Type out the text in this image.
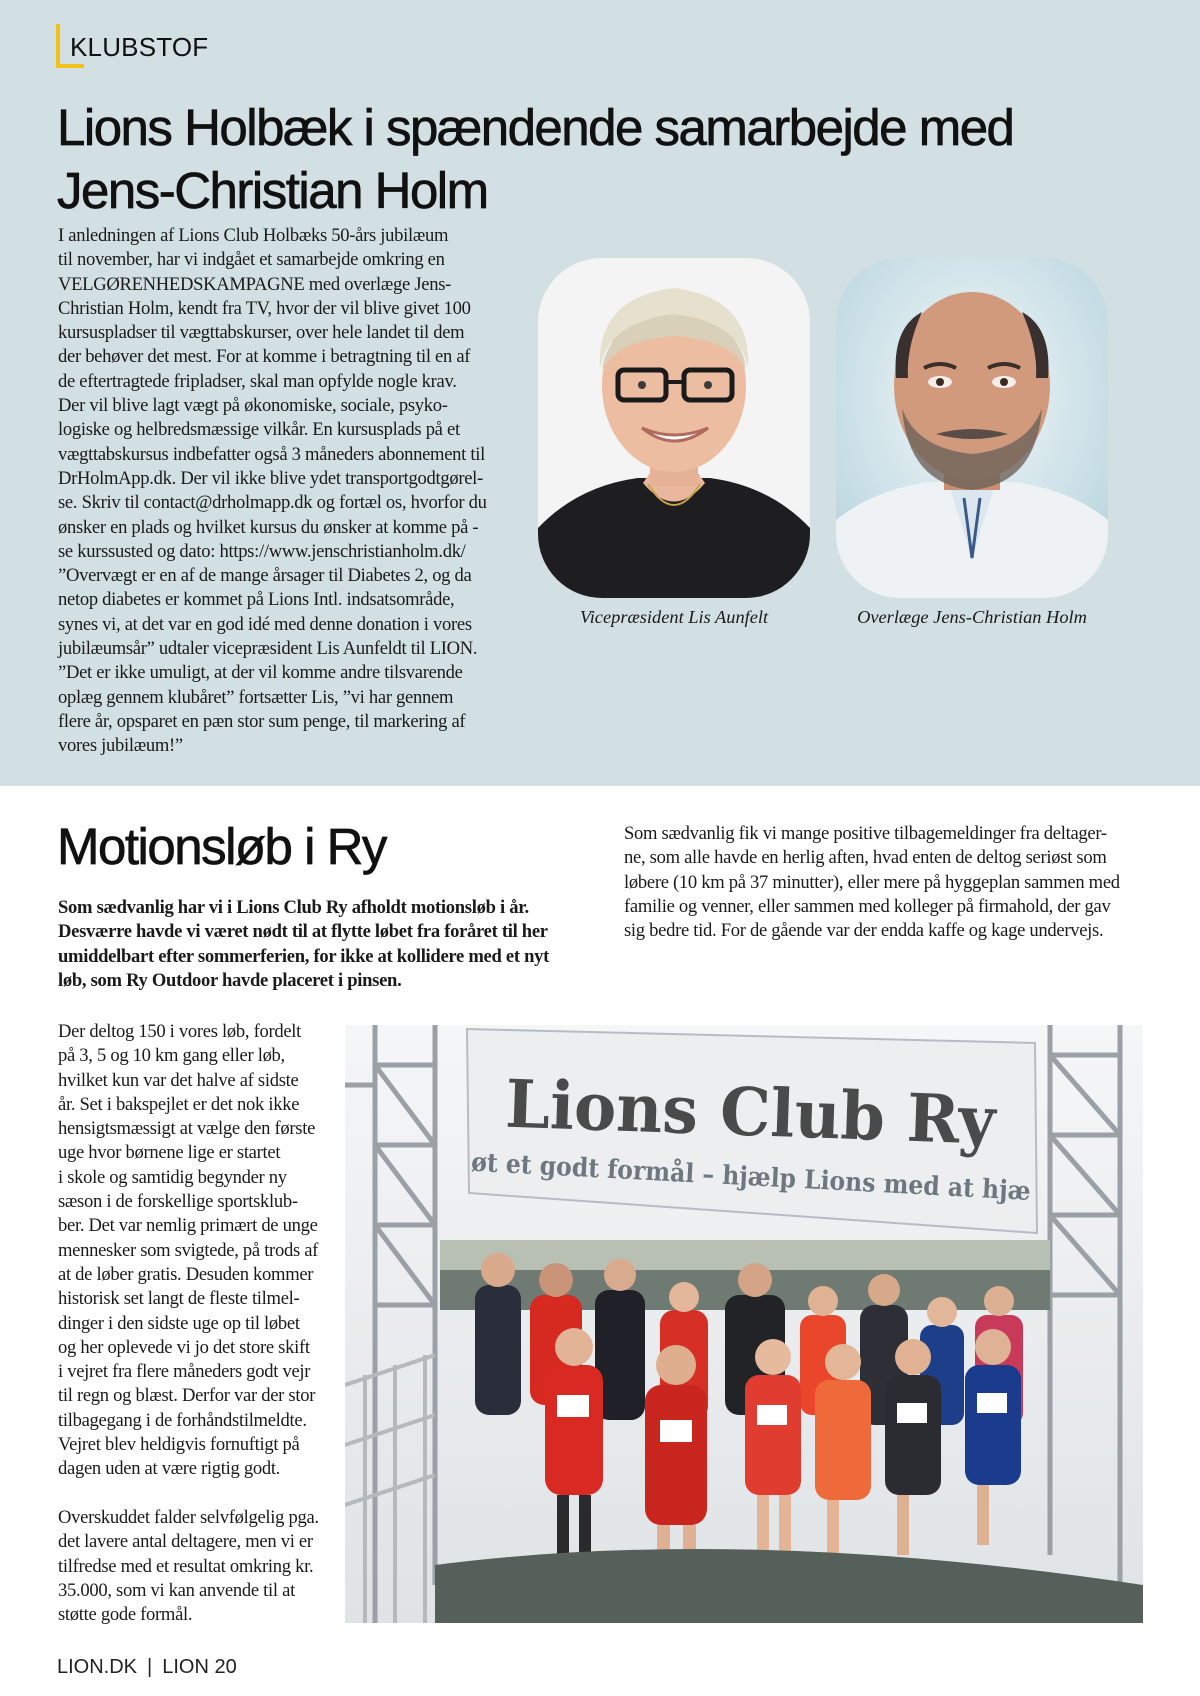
KLUBSTOF
Lions Holbæk i spændende samarbejde med
Jens-Christian Holm

I anledningen af Lions Club Holbæks 50-års jubilæum

til november, har vi indgået et samarbejde omkring en

VELGØRENHEDSKAMPAGNE med overlæge Jens-

Christian Holm, kendt fra TV, hvor der vil blive givet 100

kursuspladser til vægttabskurser, over hele landet til dem

der behøver det mest. For at komme i betragtning til en af

de eftertragtede fripladser, skal man opfylde nogle krav.

Der vil blive lagt vægt på økonomiske, sociale, psyko-

logiske og helbredsmæssige vilkår. En kursusplads på et

vægttabskursus indbefatter også 3 måneders abonnement til

DrHolmApp.dk. Der vil ikke blive ydet transportgodtgørel-

se. Skriv til contact@drholmapp.dk og fortæl os, hvorfor du

ønsker en plads og hvilket kursus du ønsker at komme på -

se kurssusted og dato: https://www.jenschristianholm.dk/

”Overvægt er en af de mange årsager til Diabetes 2, og da

netop diabetes er kommet på Lions Intl. indsatsområde,

synes vi, at det var en god idé med denne donation i vores

jubilæumsår” udtaler vicepræsident Lis Aunfeldt til LION.

”Det er ikke umuligt, at der vil komme andre tilsvarende

oplæg gennem klubåret” fortsætter Lis, ”vi har gennem

flere år, opsparet en pæn stor sum penge, til markering af

vores jubilæum!”

Vicepræsident Lis Aunfelt	Overlæge Jens-Christian Holm
Motionsløb i Ry

Som sædvanlig har vi i Lions Club Ry afholdt motionsløb i år.

Desværre havde vi været nødt til at flytte løbet fra foråret til her

umiddelbart efter sommerferien, for ikke at kollidere med et nyt

løb, som Ry Outdoor havde placeret i pinsen.

Som sædvanlig fik vi mange positive tilbagemeldinger fra deltager-

ne, som alle havde en herlig aften, hvad enten de deltog seriøst som

løbere (10 km på 37 minutter), eller mere på hyggeplan sammen med

familie og venner, eller sammen med kolleger på firmahold, der gav

sig bedre tid. For de gående var der endda kaffe og kage undervejs.

Der deltog 150 i vores løb, fordelt

på 3, 5 og 10 km gang eller løb,

hvilket kun var det halve af sidste

år. Set i bakspejlet er det nok ikke

hensigtsmæssigt at vælge den første

uge hvor børnene lige er startet

i skole og samtidig begynder ny

sæson i de forskellige sportsklub-

ber. Det var nemlig primært de unge

mennesker som svigtede, på trods af

at de løber gratis. Desuden kommer

historisk set langt de fleste tilmel-

dinger i den sidste uge op til løbet

og her oplevede vi jo det store skift

i vejret fra flere måneders godt vejr

til regn og blæst. Derfor var der stor

tilbagegang i de forhåndstilmeldte.

Vejret blev heldigvis fornuftigt på

dagen uden at være rigtig godt.

Overskuddet falder selvfølgelig pga.

det lavere antal deltagere, men vi er

tilfredse med et resultat omkring kr.

35.000, som vi kan anvende til at

støtte gode formål.

Lions Club Ry
øt et godt formål – hjælp Lions med at hjæ
LION.DK | LION 20
